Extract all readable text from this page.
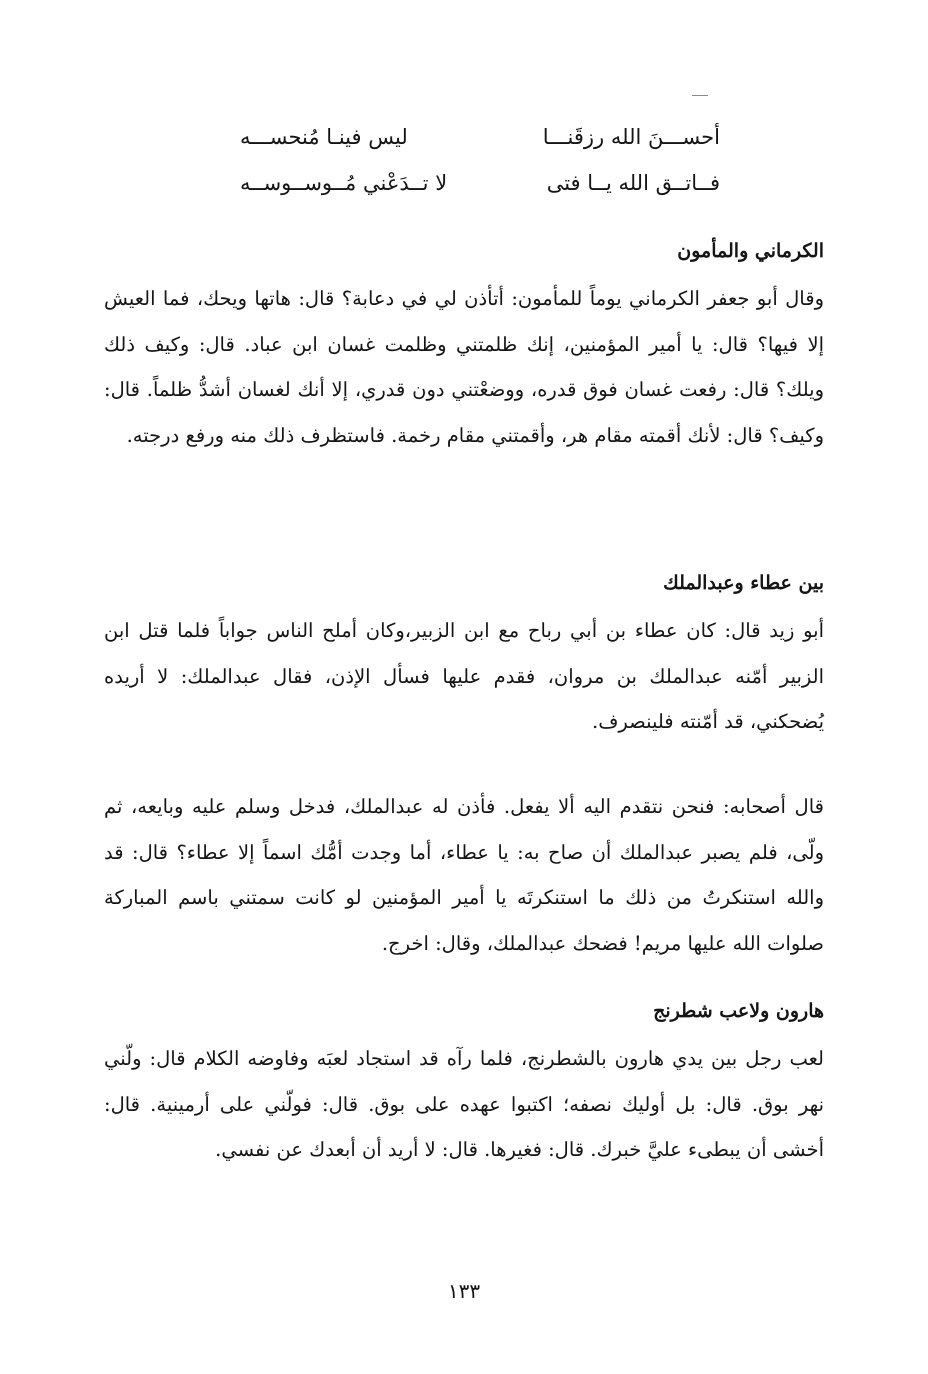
أحســـنَ الله رزقَنـــا
ليس فينـا مُنحســـه
فــاتــق الله يــا فتى
لا تــدَعْني مُــوســوســه
الكرماني والمأمون
وقال أبو جعفر الكرماني يوماً للمأمون: أتأذن لي في دعابة؟ قال: هاتها ويحك، فما العيش إلا فيها؟ قال: يا أمير المؤمنين، إنك ظلمتني وظلمت غسان ابن عباد. قال: وكيف ذلك ويلك؟ قال: رفعت غسان فوق قدره، ووضعْتني دون قدري، إلا أنك لغسان أشدُّ ظلماً. قال: وكيف؟ قال: لأنك أقمته مقام هر، وأقمتني مقام رخمة. فاستظرف ذلك منه ورفع درجته.
بين عطاء وعبدالملك
أبو زيد قال: كان عطاء بن أبي رباح مع ابن الزبير،وكان أملح الناس جواباً فلما قتل ابن الزبير أمّنه عبدالملك بن مروان، فقدم عليها فسأل الإذن، فقال عبدالملك: لا أريده يُضحكني، قد أمّنته فلينصرف.
قال أصحابه: فنحن نتقدم اليه ألا يفعل. فأذن له عبدالملك، فدخل وسلم عليه وبايعه، ثم ولّى، فلم يصبر عبدالملك أن صاح به: يا عطاء، أما وجدت أمُّك اسماً إلا عطاء؟ قال: قد والله استنكرتُ من ذلك ما استنكرتَه يا أمير المؤمنين لو كانت سمتني باسم المباركة صلوات الله عليها مريم! فضحك عبدالملك، وقال: اخرج.
هارون ولاعب شطرنج
لعب رجل بين يدي هارون بالشطرنج، فلما رآه قد استجاد لعبَه وفاوضه الكلام قال: ولّني نهر بوق. قال: بل أوليك نصفه؛ اكتبوا عهده على بوق. قال: فولّني على أرمينية. قال: أخشى أن يبطىء عليَّ خبرك. قال: فغيرها. قال: لا أريد أن أبعدك عن نفسي.
١٣٣
